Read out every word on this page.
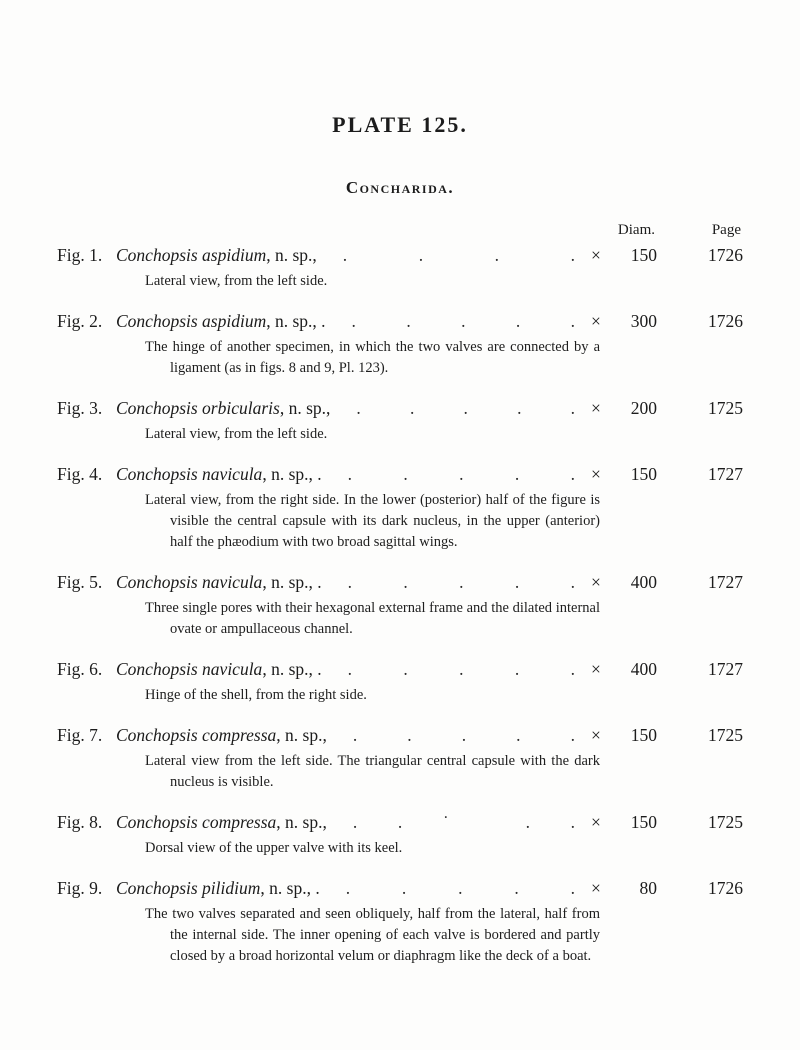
PLATE 125.
Concharida.
Diam.	Page
Fig. 1. Conchopsis aspidium , n. sp.,	. . . . ×	150	1726
Lateral view, from the left side.
Fig. 2. Conchopsis aspidium , n. sp., .	. . . . . ×	300	1726
The hinge of another specimen, in which the two valves are connected by a ligament (as in figs. 8 and 9, Pl. 123).
Fig. 3. Conchopsis orbicularis , n. sp.,	. . . . . ×	200	1725
Lateral view, from the left side.
Fig. 4. Conchopsis navicula , n. sp., .	. . . . . ×	150	1727
Lateral view, from the right side. In the lower (posterior) half of the figure is visible the central capsule with its dark nucleus, in the upper (anterior) half the phæodium with two broad sagittal wings.
Fig. 5. Conchopsis navicula , n. sp., .	. . . . . ×	400	1727
Three single pores with their hexagonal external frame and the dilated internal ovate or ampullaceous channel.
Fig. 6. Conchopsis navicula , n. sp., .	. . . . . ×	400	1727
Hinge of the shell, from the right side.
Fig. 7. Conchopsis compressa , n. sp.,	. . . . . ×	150	1725
Lateral view from the left side. The triangular central capsule with the dark nucleus is visible.
Fig. 8. Conchopsis compressa , n. sp.,	. . ˙ . . ×	150	1725
Dorsal view of the upper valve with its keel.
Fig. 9. Conchopsis pilidium , n. sp., .	. . . . . ×	80	1726
The two valves separated and seen obliquely, half from the lateral, half from the internal side. The inner opening of each valve is bordered and partly closed by a broad horizontal velum or diaphragm like the deck of a boat.
